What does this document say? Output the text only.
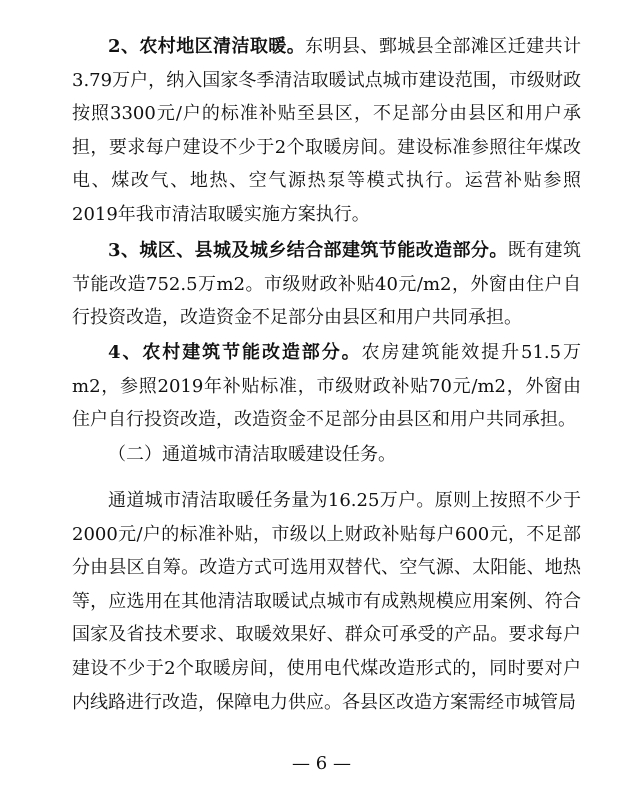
2、农村地区清洁取暖。东明县、鄄城县全部滩区迁建共计3.79万户，纳入国家冬季清洁取暖试点城市建设范围，市级财政按照3300元/户的标准补贴至县区，不足部分由县区和用户承担，要求每户建设不少于2个取暖房间。建设标准参照往年煤改电、煤改气、地热、空气源热泵等模式执行。运营补贴参照2019年我市清洁取暖实施方案执行。

3、城区、县城及城乡结合部建筑节能改造部分。既有建筑节能改造752.5万m2。市级财政补贴40元/m2，外窗由住户自行投资改造，改造资金不足部分由县区和用户共同承担。

4、农村建筑节能改造部分。农房建筑能效提升51.5万m2，参照2019年补贴标准，市级财政补贴70元/m2，外窗由住户自行投资改造，改造资金不足部分由县区和用户共同承担。

（二）通道城市清洁取暖建设任务。

通道城市清洁取暖任务量为16.25万户。原则上按照不少于2000元/户的标准补贴，市级以上财政补贴每户600元，不足部分由县区自筹。改造方式可选用双替代、空气源、太阳能、地热等，应选用在其他清洁取暖试点城市有成熟规模应用案例、符合国家及省技术要求、取暖效果好、群众可承受的产品。要求每户建设不少于2个取暖房间，使用电代煤改造形式的，同时要对户内线路进行改造，保障电力供应。各县区改造方案需经市城管局

— 6 —
